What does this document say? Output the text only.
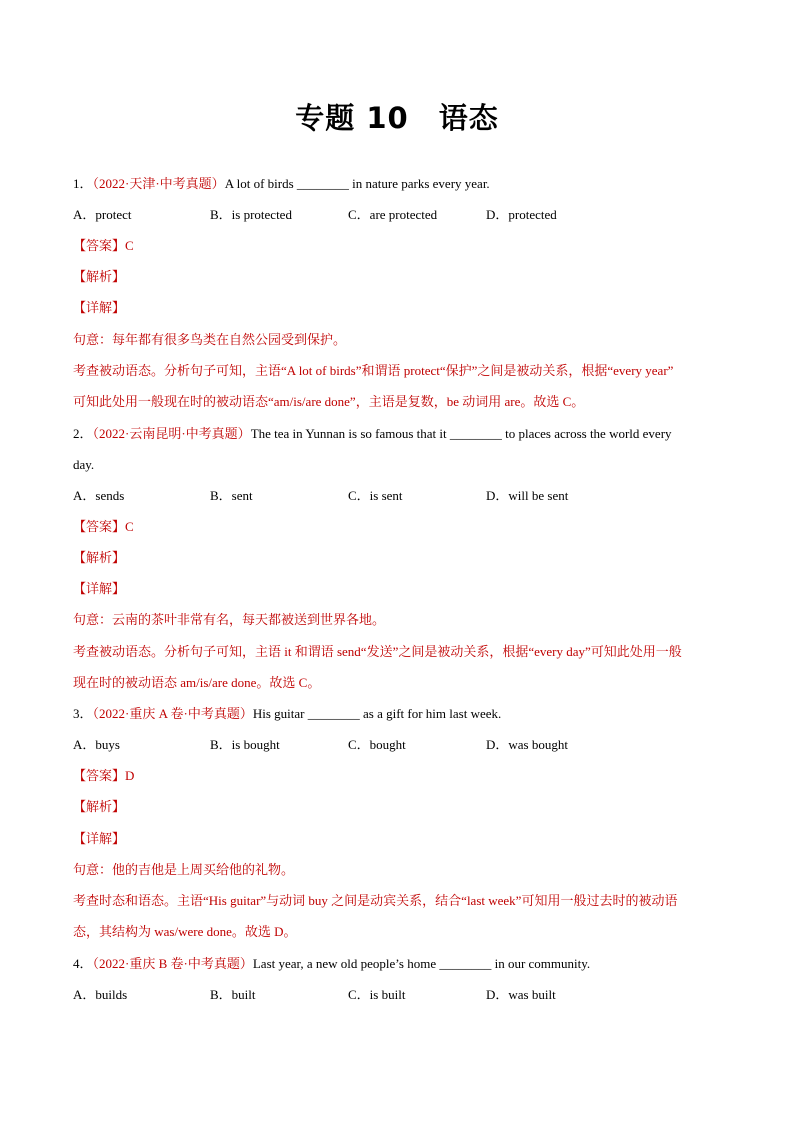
专题 10　语态
1．（2022·天津·中考真题）A lot of birds ________ in nature parks every year.
A．protect	B．is protected	C．are protected	D．protected
【答案】C
【解析】
【详解】
句意：每年都有很多鸟类在自然公园受到保护。
考查被动语态。分析句子可知，主语“A lot of birds”和谓语 protect“保护”之间是被动关系，根据“every year”
可知此处用一般现在时的被动语态“am/is/are done”，主语是复数，be 动词用 are。故选 C。
2．（2022·云南昆明·中考真题）The tea in Yunnan is so famous that it ________ to places across the world every
day.
A．sends	B．sent	C．is sent	D．will be sent
【答案】C
【解析】
【详解】
句意：云南的茶叶非常有名，每天都被送到世界各地。
考查被动语态。分析句子可知，主语 it 和谓语 send“发送”之间是被动关系，根据“every day”可知此处用一般
现在时的被动语态 am/is/are done。故选 C。
3．（2022·重庆 A 卷·中考真题）His guitar ________ as a gift for him last week.
A．buys	B．is bought	C．bought	D．was bought
【答案】D
【解析】
【详解】
句意：他的吉他是上周买给他的礼物。
考查时态和语态。主语“His guitar”与动词 buy 之间是动宾关系，结合“last week”可知用一般过去时的被动语
态，其结构为 was/were done。故选 D。
4．（2022·重庆 B 卷·中考真题）Last year, a new old people’s home ________ in our community.
A．builds	B．built	C．is built	D．was built
